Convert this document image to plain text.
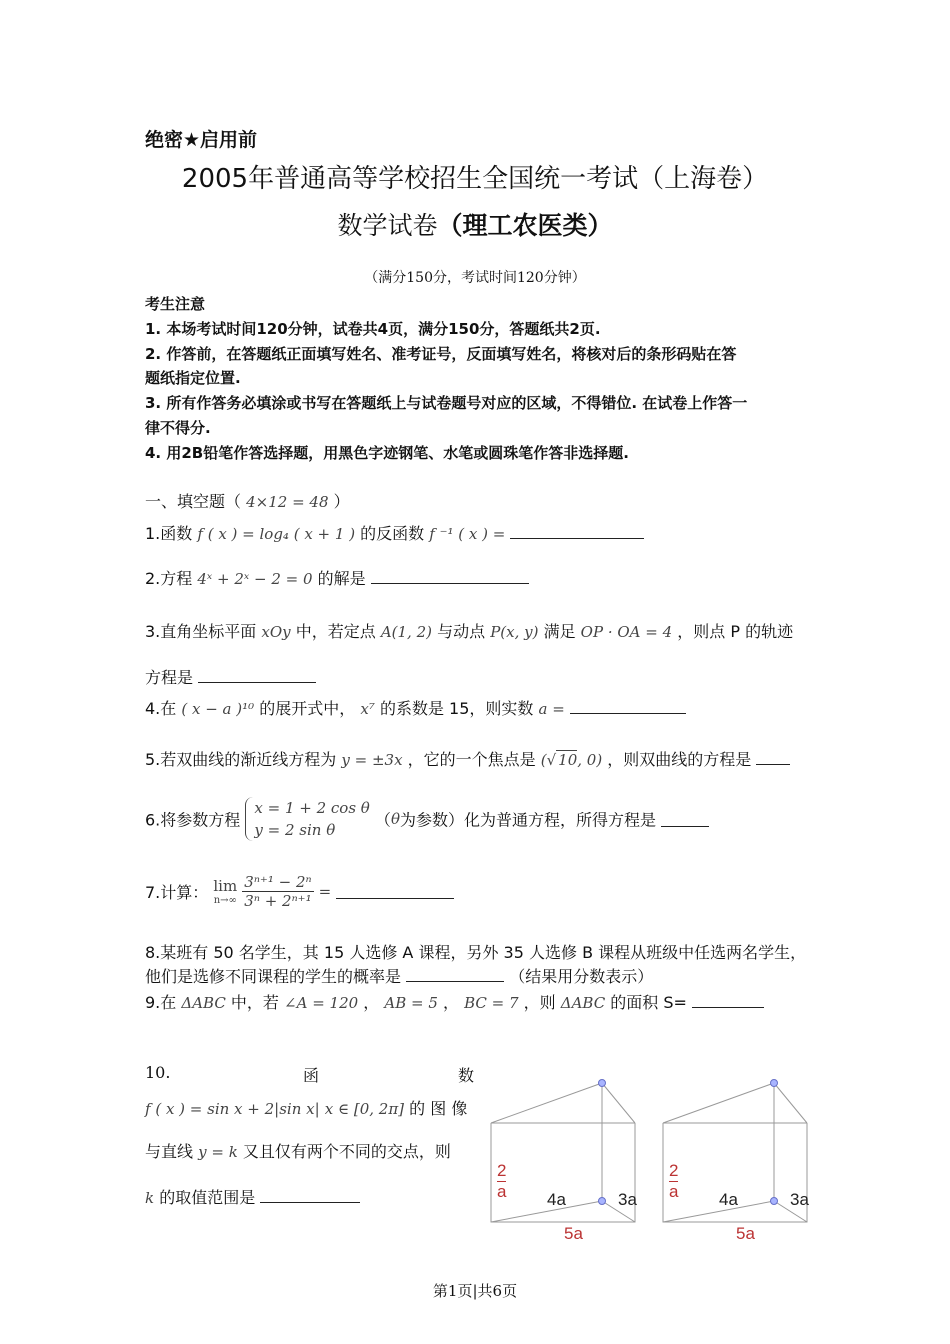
绝密★启用前
2005年普通高等学校招生全国统一考试（上海卷）
数学试卷（理工农医类）
（满分150分，考试时间120分钟）
考生注意
1. 本场考试时间120分钟，试卷共4页，满分150分，答题纸共2页.
2. 作答前，在答题纸正面填写姓名、准考证号，反面填写姓名，将核对后的条形码贴在答
题纸指定位置.
3. 所有作答务必填涂或书写在答题纸上与试卷题号对应的区域，不得错位. 在试卷上作答一
律不得分.
4. 用2B铅笔作答选择题，用黑色字迹钢笔、水笔或圆珠笔作答非选择题.
一、填空题（ 4×12 = 48 ）
1.函数 f ( x ) = log₄ ( x + 1 ) 的反函数 f ⁻¹ ( x ) =
2.方程 4ˣ + 2ˣ − 2 = 0 的解是
3.直角坐标平面 xOy 中，若定点 A(1, 2) 与动点 P(x, y) 满足 OP · OA = 4 ，则点 P 的轨迹
方程是
4.在 ( x − a )¹⁰ 的展开式中， x⁷ 的系数是 15，则实数 a =
5.若双曲线的渐近线方程为 y = ±3x ，它的一个焦点是 (√ 10, 0) ，则双曲线的方程是
6.将参数方程
x = 1 + 2 cos θ
y = 2 sin θ
（θ为参数）化为普通方程，所得方程是
7.计算： lim
n→∞
$\frac{\text{3ⁿ⁺¹ − 2ⁿ}}{\text{3ⁿ + 2ⁿ⁺¹}}$ =
8.某班有 50 名学生，其 15 人选修 A 课程，另外 35 人选修 B 课程从班级中任选两名学生，
他们是选修不同课程的学生的概率是	（结果用分数表示）
9.在 ΔABC 中，若 ∠A = 120 ， AB = 5 ， BC = 7 ，则 ΔABC 的面积 S=
10.	函	数
f ( x ) = sin x + 2|sin x| x ∈ [0, 2π] 的 图 像
与直线 y = k 又且仅有两个不同的交点，则
k 的取值范围是	$\frac{2}{a} 4a$	3a
5a
$\frac{2}{a} 4a$	3a
5a
第1页|共6页
